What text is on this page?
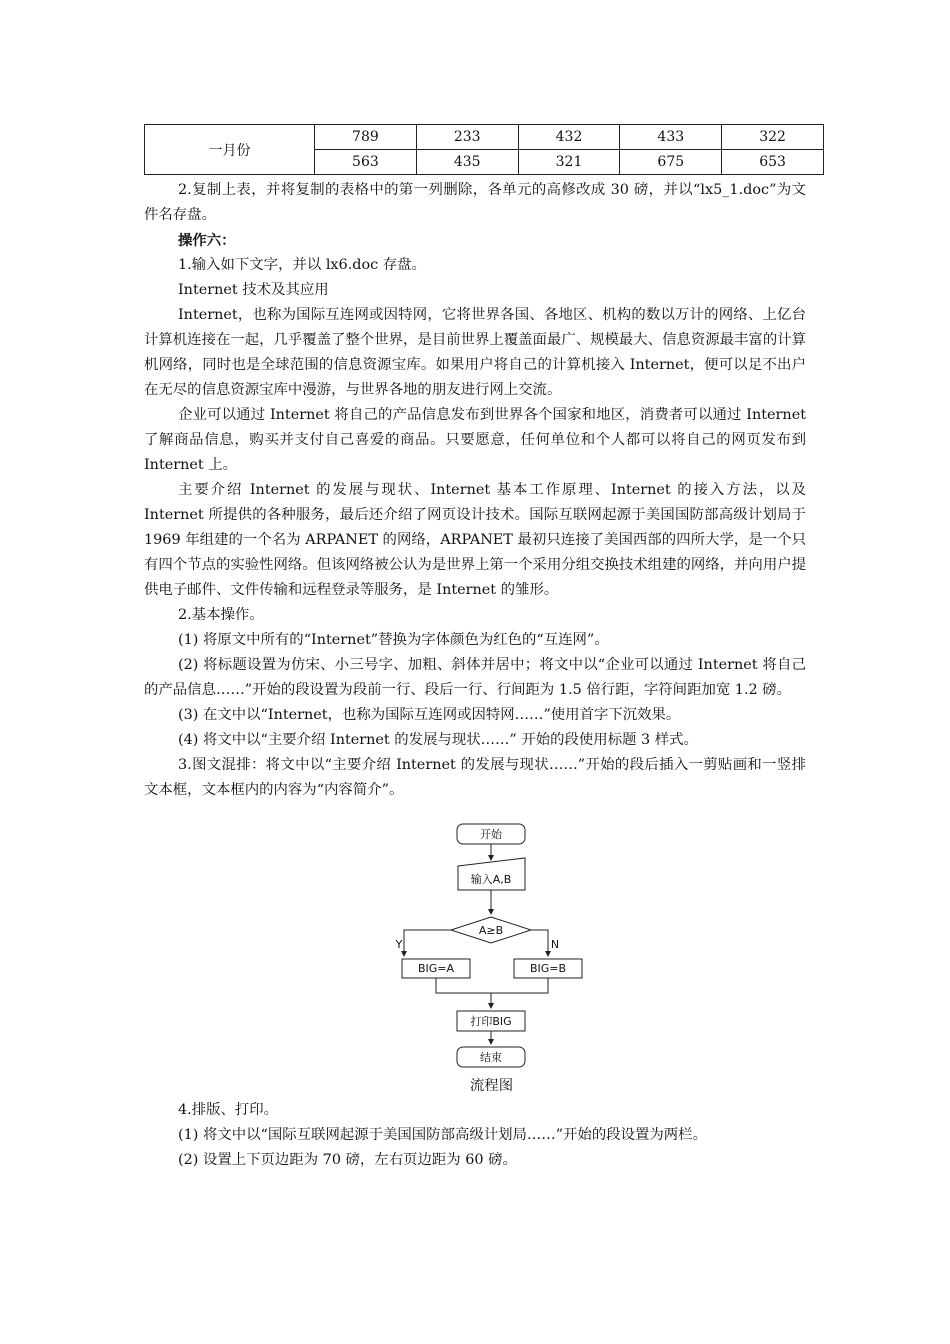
一月份	789	233	432	433	322
	563	435	321	675	653

2.复制上表，并将复制的表格中的第一列删除，各单元的高修改成 30 磅，并以“lx5_1.doc”为文件名存盘。

操作六：

1.输入如下文字，并以 lx6.doc 存盘。

Internet 技术及其应用

Internet，也称为国际互连网或因特网，它将世界各国、各地区、机构的数以万计的网络、上亿台计算机连接在一起，几乎覆盖了整个世界，是目前世界上覆盖面最广、规模最大、信息资源最丰富的计算机网络，同时也是全球范围的信息资源宝库。如果用户将自己的计算机接入 Internet，便可以足不出户在无尽的信息资源宝库中漫游，与世界各地的朋友进行网上交流。

企业可以通过 Internet 将自己的产品信息发布到世界各个国家和地区，消费者可以通过 Internet 了解商品信息，购买并支付自己喜爱的商品。只要愿意，任何单位和个人都可以将自己的网页发布到 Internet 上。

主要介绍 Internet 的发展与现状、Internet 基本工作原理、Internet 的接入方法，以及 Internet 所提供的各种服务，最后还介绍了网页设计技术。国际互联网起源于美国国防部高级计划局于 1969 年组建的一个名为 ARPANET 的网络，ARPANET 最初只连接了美国西部的四所大学，是一个只有四个节点的实验性网络。但该网络被公认为是世界上第一个采用分组交换技术组建的网络，并向用户提供电子邮件、文件传输和远程登录等服务，是 Internet 的雏形。

2.基本操作。

(1) 将原文中所有的“Internet”替换为字体颜色为红色的“互连网”。

(2) 将标题设置为仿宋、小三号字、加粗、斜体并居中；将文中以“企业可以通过 Internet 将自己的产品信息……”开始的段设置为段前一行、段后一行、行间距为 1.5 倍行距，字符间距加宽 1.2 磅。

(3) 在文中以“Internet，也称为国际互连网或因特网……”使用首字下沉效果。

(4) 将文中以“主要介绍 Internet 的发展与现状……” 开始的段使用标题 3 样式。

3.图文混排：将文中以“主要介绍 Internet 的发展与现状……”开始的段后插入一剪贴画和一竖排文本框，文本框内的内容为“内容简介”。

开始
输入A,B
A≥B
Y	N
BIG=A	BIG=B
打印BIG
结束
流程图

4.排版、打印。

(1) 将文中以“国际互联网起源于美国国防部高级计划局……”开始的段设置为两栏。

(2) 设置上下页边距为 70 磅，左右页边距为 60 磅。
